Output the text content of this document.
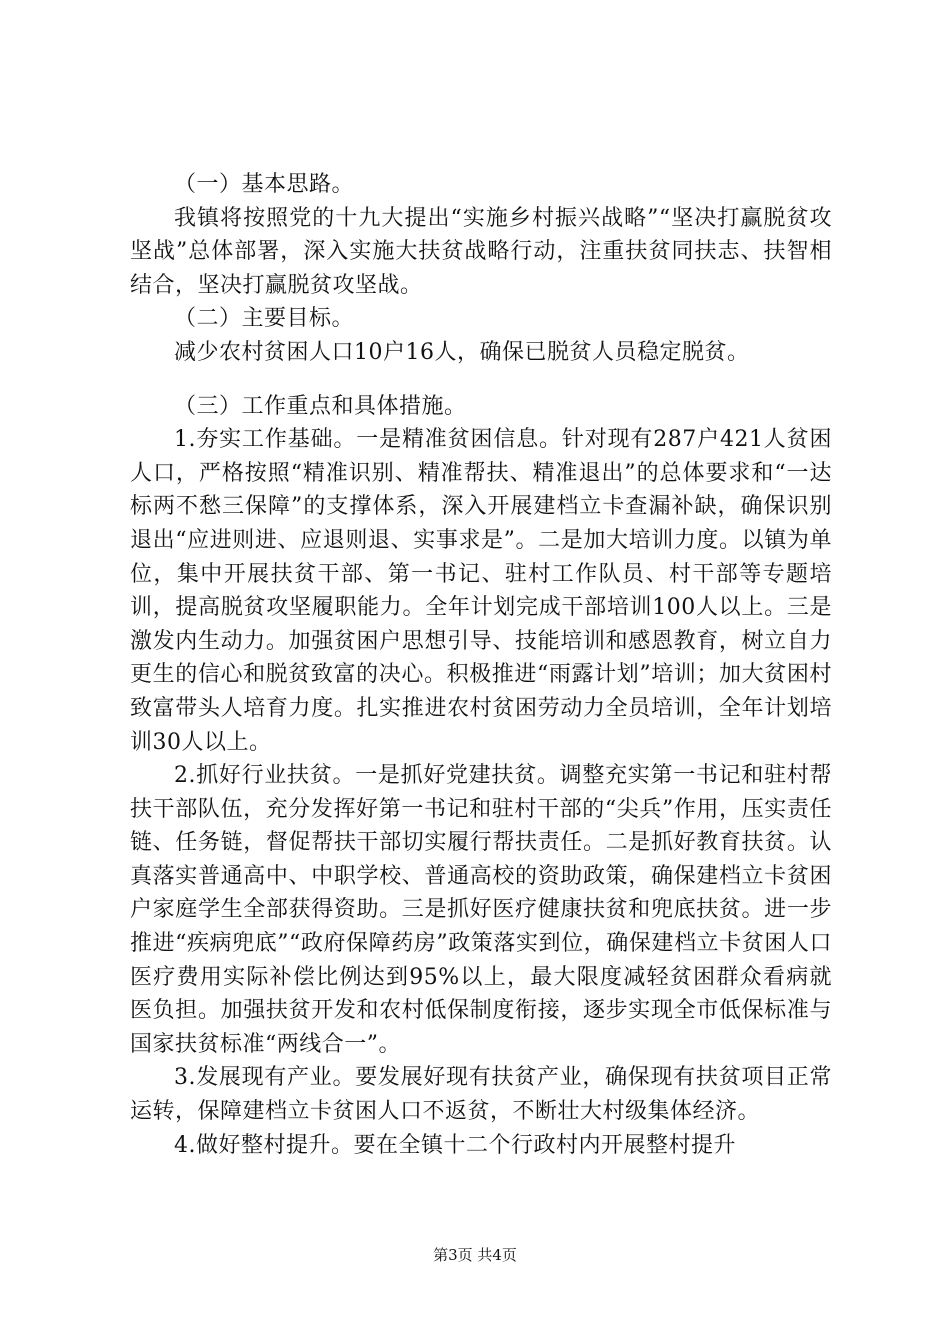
（一）基本思路。

我镇将按照党的十九大提出“实施乡村振兴战略”“坚决打赢脱贫攻坚战”总体部署，深入实施大扶贫战略行动，注重扶贫同扶志、扶智相结合，坚决打赢脱贫攻坚战。

（二）主要目标。

减少农村贫困人口10户16人，确保已脱贫人员稳定脱贫。

（三）工作重点和具体措施。

1.夯实工作基础。一是精准贫困信息。针对现有287户421人贫困人口，严格按照“精准识别、精准帮扶、精准退出”的总体要求和“一达标两不愁三保障”的支撑体系，深入开展建档立卡查漏补缺，确保识别退出“应进则进、应退则退、实事求是”。二是加大培训力度。以镇为单位，集中开展扶贫干部、第一书记、驻村工作队员、村干部等专题培训，提高脱贫攻坚履职能力。全年计划完成干部培训100人以上。三是激发内生动力。加强贫困户思想引导、技能培训和感恩教育，树立自力更生的信心和脱贫致富的决心。积极推进“雨露计划”培训；加大贫困村致富带头人培育力度。扎实推进农村贫困劳动力全员培训，全年计划培训30人以上。

2.抓好行业扶贫。一是抓好党建扶贫。调整充实第一书记和驻村帮扶干部队伍，充分发挥好第一书记和驻村干部的“尖兵”作用，压实责任链、任务链，督促帮扶干部切实履行帮扶责任。二是抓好教育扶贫。认真落实普通高中、中职学校、普通高校的资助政策，确保建档立卡贫困户家庭学生全部获得资助。三是抓好医疗健康扶贫和兜底扶贫。进一步推进“疾病兜底”“政府保障药房”政策落实到位，确保建档立卡贫困人口医疗费用实际补偿比例达到95%以上，最大限度减轻贫困群众看病就医负担。加强扶贫开发和农村低保制度衔接，逐步实现全市低保标准与国家扶贫标准“两线合一”。

3.发展现有产业。要发展好现有扶贫产业，确保现有扶贫项目正常运转，保障建档立卡贫困人口不返贫，不断壮大村级集体经济。

4.做好整村提升。要在全镇十二个行政村内开展整村提升

第3页 共4页
